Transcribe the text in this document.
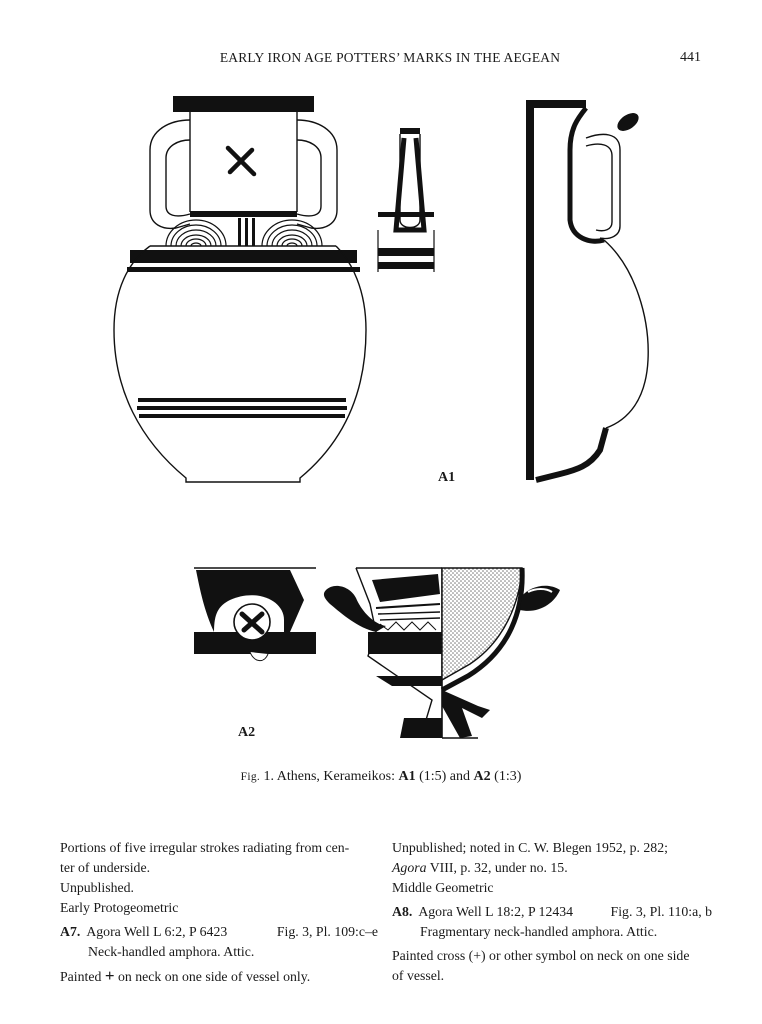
EARLY IRON AGE POTTERS’ MARKS IN THE AEGEAN	441
A1
A2
Fig. 1. Athens, Kerameikos: A1 (1:5) and A2 (1:3)

Portions of five irregular strokes radiating from cen-

ter of underside.

Unpublished.

Early Protogeometric

A7. Agora Well L 6:2, P 6423	Fig. 3, Pl. 109:c–e

Neck-handled amphora. Attic.

Painted + on neck on one side of vessel only.

Unpublished; noted in C. W. Blegen 1952, p. 282;

Agora VIII, p. 32, under no. 15.

Middle Geometric

A8. Agora Well L 18:2, P 12434	Fig. 3, Pl. 110:a, b

Fragmentary neck-handled amphora. Attic.

Painted cross (+) or other symbol on neck on one side

of vessel.
